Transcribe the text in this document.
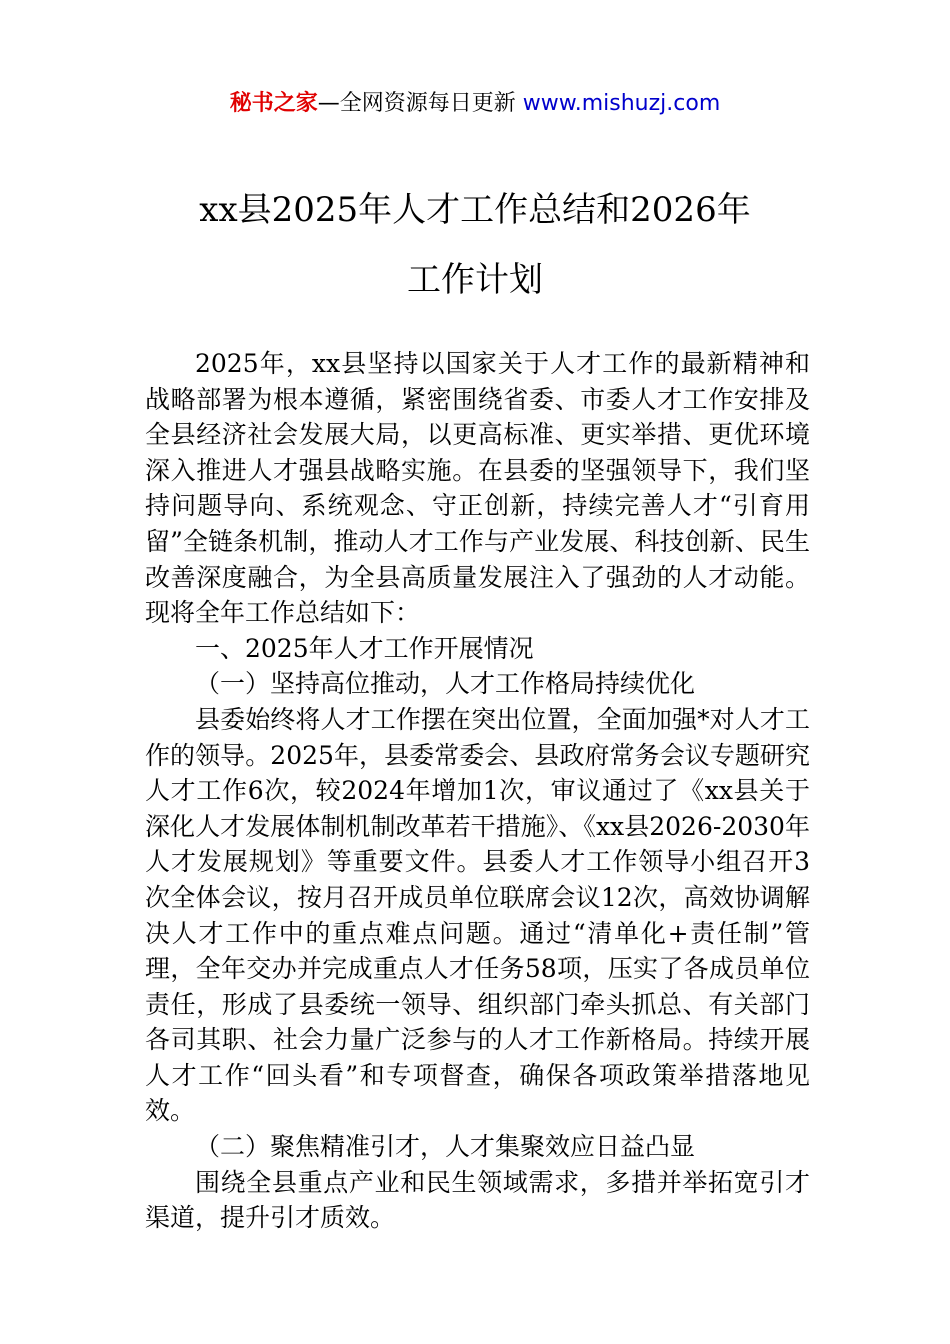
秘书之家—全网资源每日更新 www.mishuzj.com
xx县2025年人才工作总结和2026年
工作计划

2025年，xx县坚持以国家关于人才工作的最新精神和战略部署为根本遵循，紧密围绕省委、市委人才工作安排及全县经济社会发展大局，以更高标准、更实举措、更优环境深入推进人才强县战略实施。在县委的坚强领导下，我们坚持问题导向、系统观念、守正创新，持续完善人才“引育用留”全链条机制，推动人才工作与产业发展、科技创新、民生改善深度融合，为全县高质量发展注入了强劲的人才动能。现将全年工作总结如下：

一、2025年人才工作开展情况

（一）坚持高位推动，人才工作格局持续优化

县委始终将人才工作摆在突出位置，全面加强*对人才工作的领导。2025年，县委常委会、县政府常务会议专题研究人才工作6次，较2024年增加1次，审议通过了《xx县关于深化人才发展体制机制改革若干措施》、《xx县2026-2030年人才发展规划》等重要文件。县委人才工作领导小组召开3次全体会议，按月召开成员单位联席会议12次，高效协调解决人才工作中的重点难点问题。通过“清单化+责任制”管理，全年交办并完成重点人才任务58项，压实了各成员单位责任，形成了县委统一领导、组织部门牵头抓总、有关部门各司其职、社会力量广泛参与的人才工作新格局。持续开展人才工作“回头看”和专项督查，确保各项政策举措落地见效。

（二）聚焦精准引才，人才集聚效应日益凸显

围绕全县重点产业和民生领域需求，多措并举拓宽引才渠道，提升引才质效。
